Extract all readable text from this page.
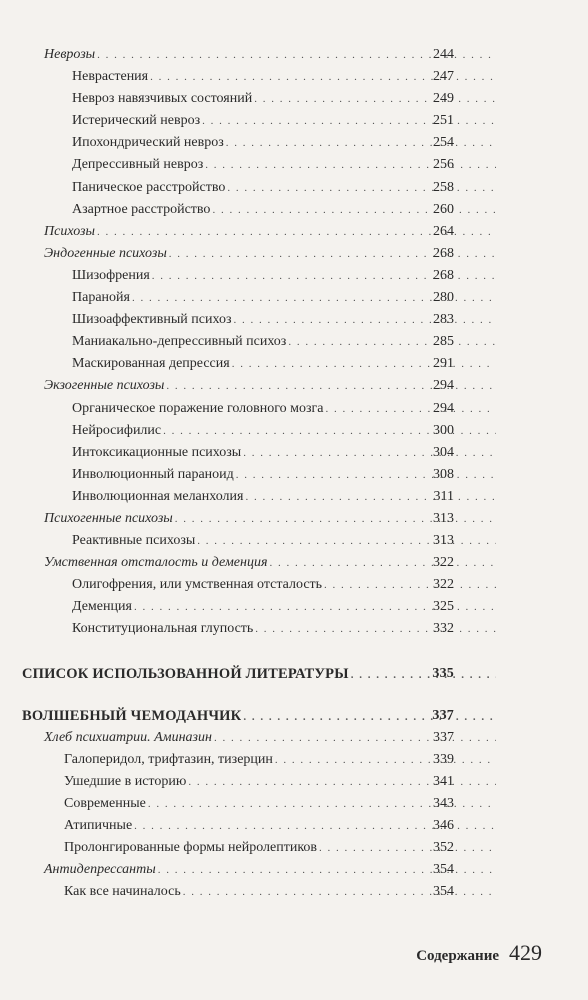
Неврозы . . .	244
Неврастения . . .	247
Невроз навязчивых состояний . . .	249
Истерический невроз . . .	251
Ипохондрический невроз . . .	254
Депрессивный невроз . . .	256
Паническое расстройство . . .	258
Азартное расстройство . . .	260
Психозы . . .	264
Эндогенные психозы . . .	268
Шизофрения . . .	268
Паранойя . . .	280
Шизоаффективный психоз . . .	283
Маниакально-депрессивный психоз . . .	285
Маскированная депрессия . . .	291
Экзогенные психозы . . .	294
Органическое поражение головного мозга . . .	294
Нейросифилис . . .	300
Интоксикационные психозы . . .	304
Инволюционный параноид . . .	308
Инволюционная меланхолия . . .	311
Психогенные психозы . . .	313
Реактивные психозы . . .	313
Умственная отсталость и деменция . . .	322
Олигофрения, или умственная отсталость . . .	322
Деменция . . .	325
Конституциональная глупость . . .	332
СПИСОК ИСПОЛЬЗОВАННОЙ ЛИТЕРАТУРЫ . . .	335
ВОЛШЕБНЫЙ ЧЕМОДАНЧИК . . .	337
Хлеб психиатрии. Аминазин . . .	337
Галоперидол, трифтазин, тизерцин . . .	339
Ушедшие в историю . . .	341
Современные . . .	343
Атипичные . . .	346
Пролонгированные формы нейролептиков . . .	352
Антидепрессанты . . .	354
Как все начиналось . . .	354
Содержание 429
